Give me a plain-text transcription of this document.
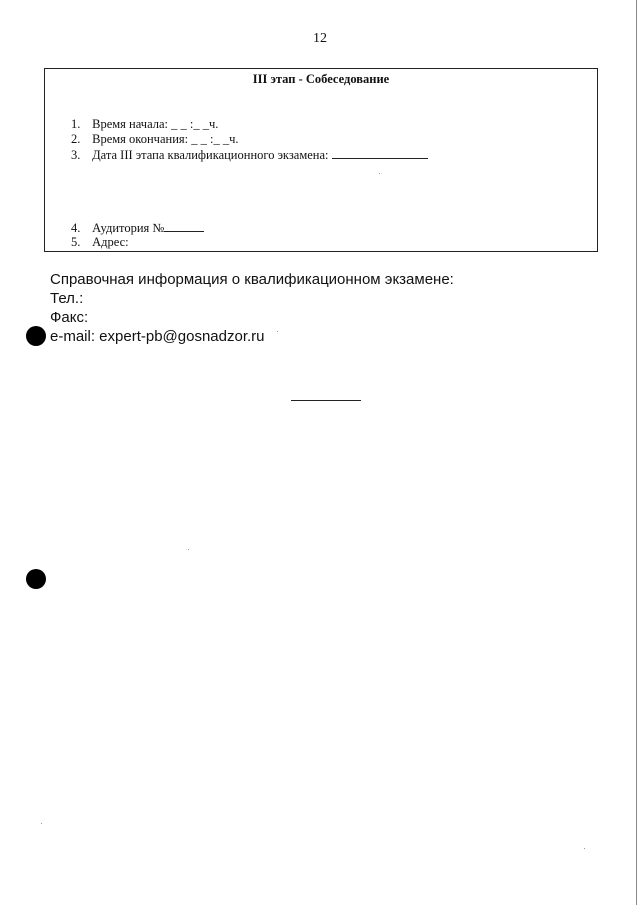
12
III этап - Собеседование
1. Время начала: _ _ :_ _ч.
2. Время окончания: _ _ :_ _ч.
3. Дата III этапа квалификационного экзамена:
4. Аудитория №
5. Адрес:
Справочная информация о квалификационном экзамене:
Тел.:
Факс:
e-mail: expert-pb@gosnadzor.ru
